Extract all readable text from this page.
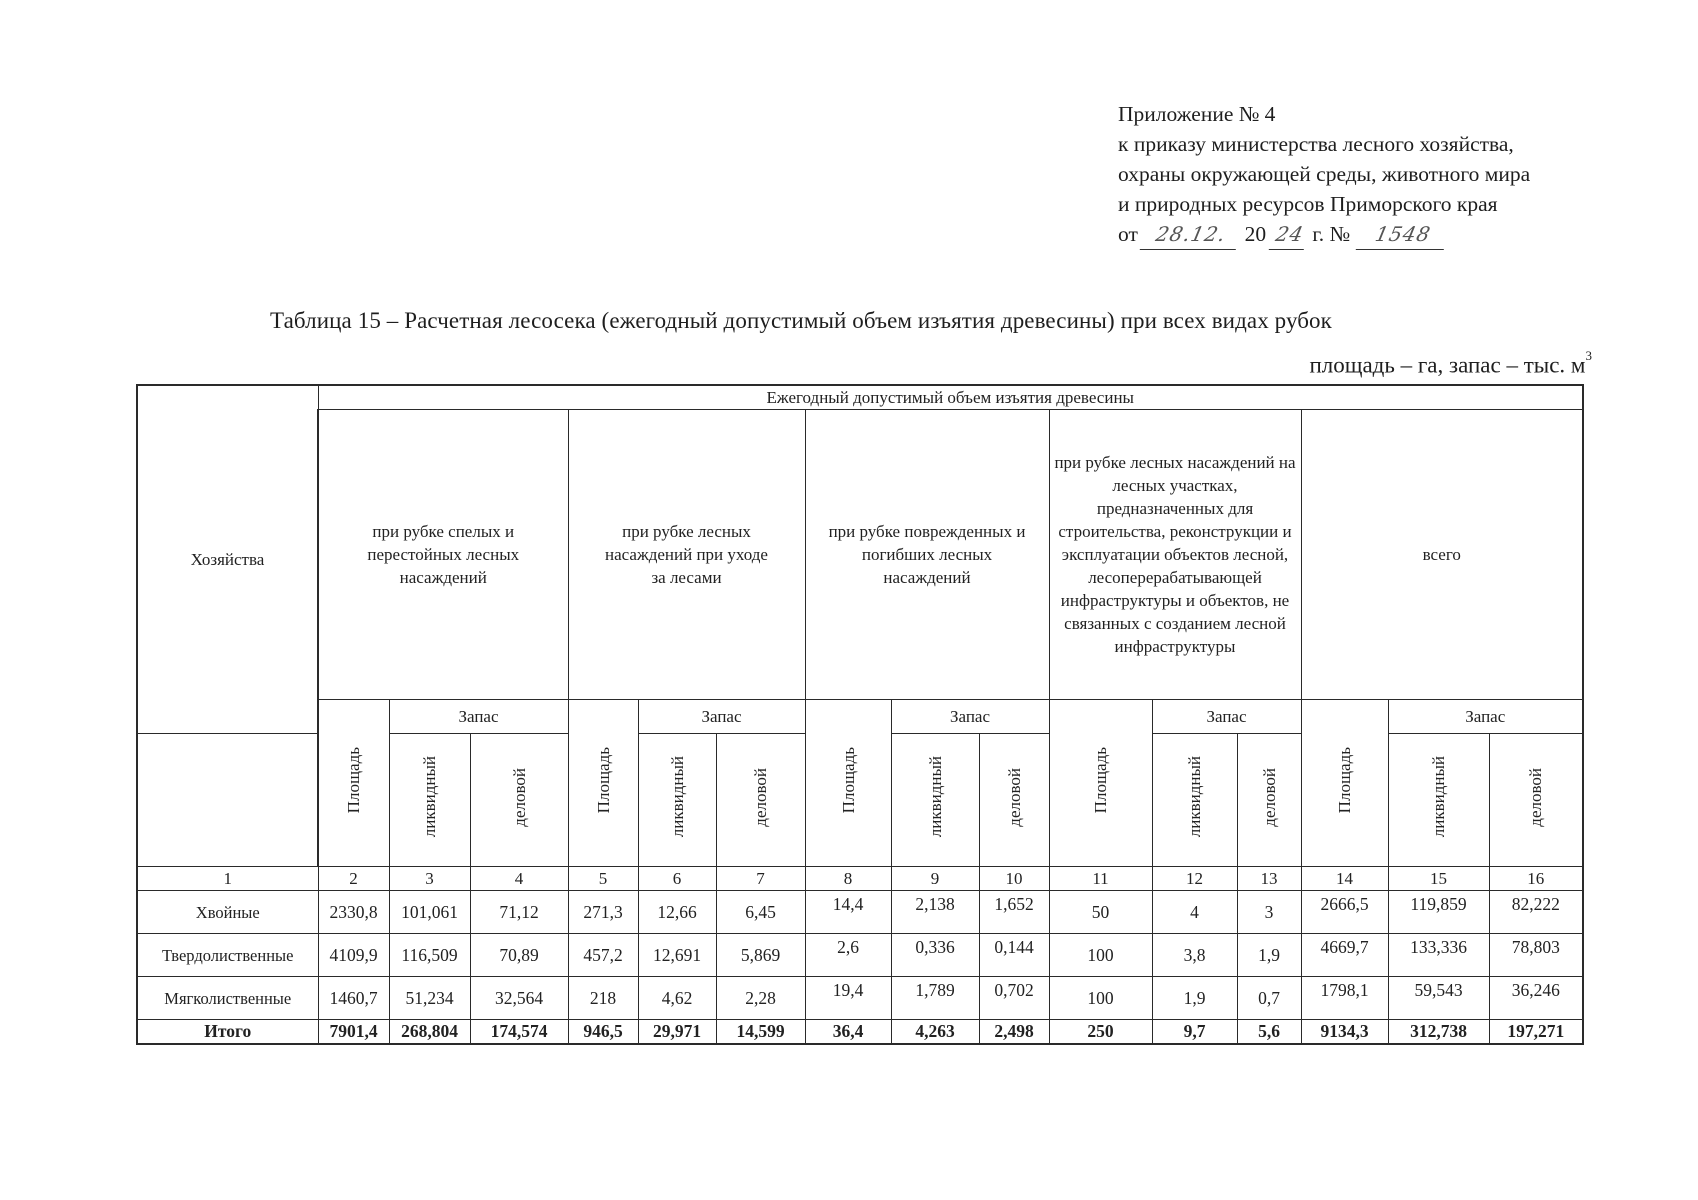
Приложение № 4
к приказу министерства лесного хозяйства,
охраны окружающей среды, животного мира
и природных ресурсов Приморского края
от 28.12. 20 24 г. № 1548
Таблица 15 – Расчетная лесосека (ежегодный допустимый объем изъятия древесины) при всех видах рубок
площадь – га, запас – тыс. $м^3$
Хозяйства	Ежегодный допустимый объем изъятия древесины														
	при рубке спелых и перестойных лесных насаждений			при рубке лесных насаждений при уходе за лесами			при рубке поврежденных и погибших лесных насаждений			при рубке лесных насаждений на лесных участках, предназначенных для строительства, реконструкции и эксплуатации объектов лесной, лесоперерабатывающей инфраструктуры и объектов, не связанных с созданием лесной инфраструктуры			всего		
	Площадь	Запас		Площадь	Запас		Площадь	Запас		Площадь	Запас		Площадь	Запас	
		ликвидный	деловой		ликвидный	деловой		ликвидный	деловой		ликвидный	деловой		ликвидный	деловой
1	2	3	4	5	6	7	8	9	10	11	12	13	14	15	16
Хвойные	2330,8	101,061	71,12	271,3	12,66	6,45	14,4	2,138	1,652	50	4	3	2666,5	119,859	82,222
Твердолиственные	4109,9	116,509	70,89	457,2	12,691	5,869	2,6	0,336	0,144	100	3,8	1,9	4669,7	133,336	78,803
Мягколиственные	1460,7	51,234	32,564	218	4,62	2,28	19,4	1,789	0,702	100	1,9	0,7	1798,1	59,543	36,246
Итого	7901,4	268,804	174,574	946,5	29,971	14,599	36,4	4,263	2,498	250	9,7	5,6	9134,3	312,738	197,271
